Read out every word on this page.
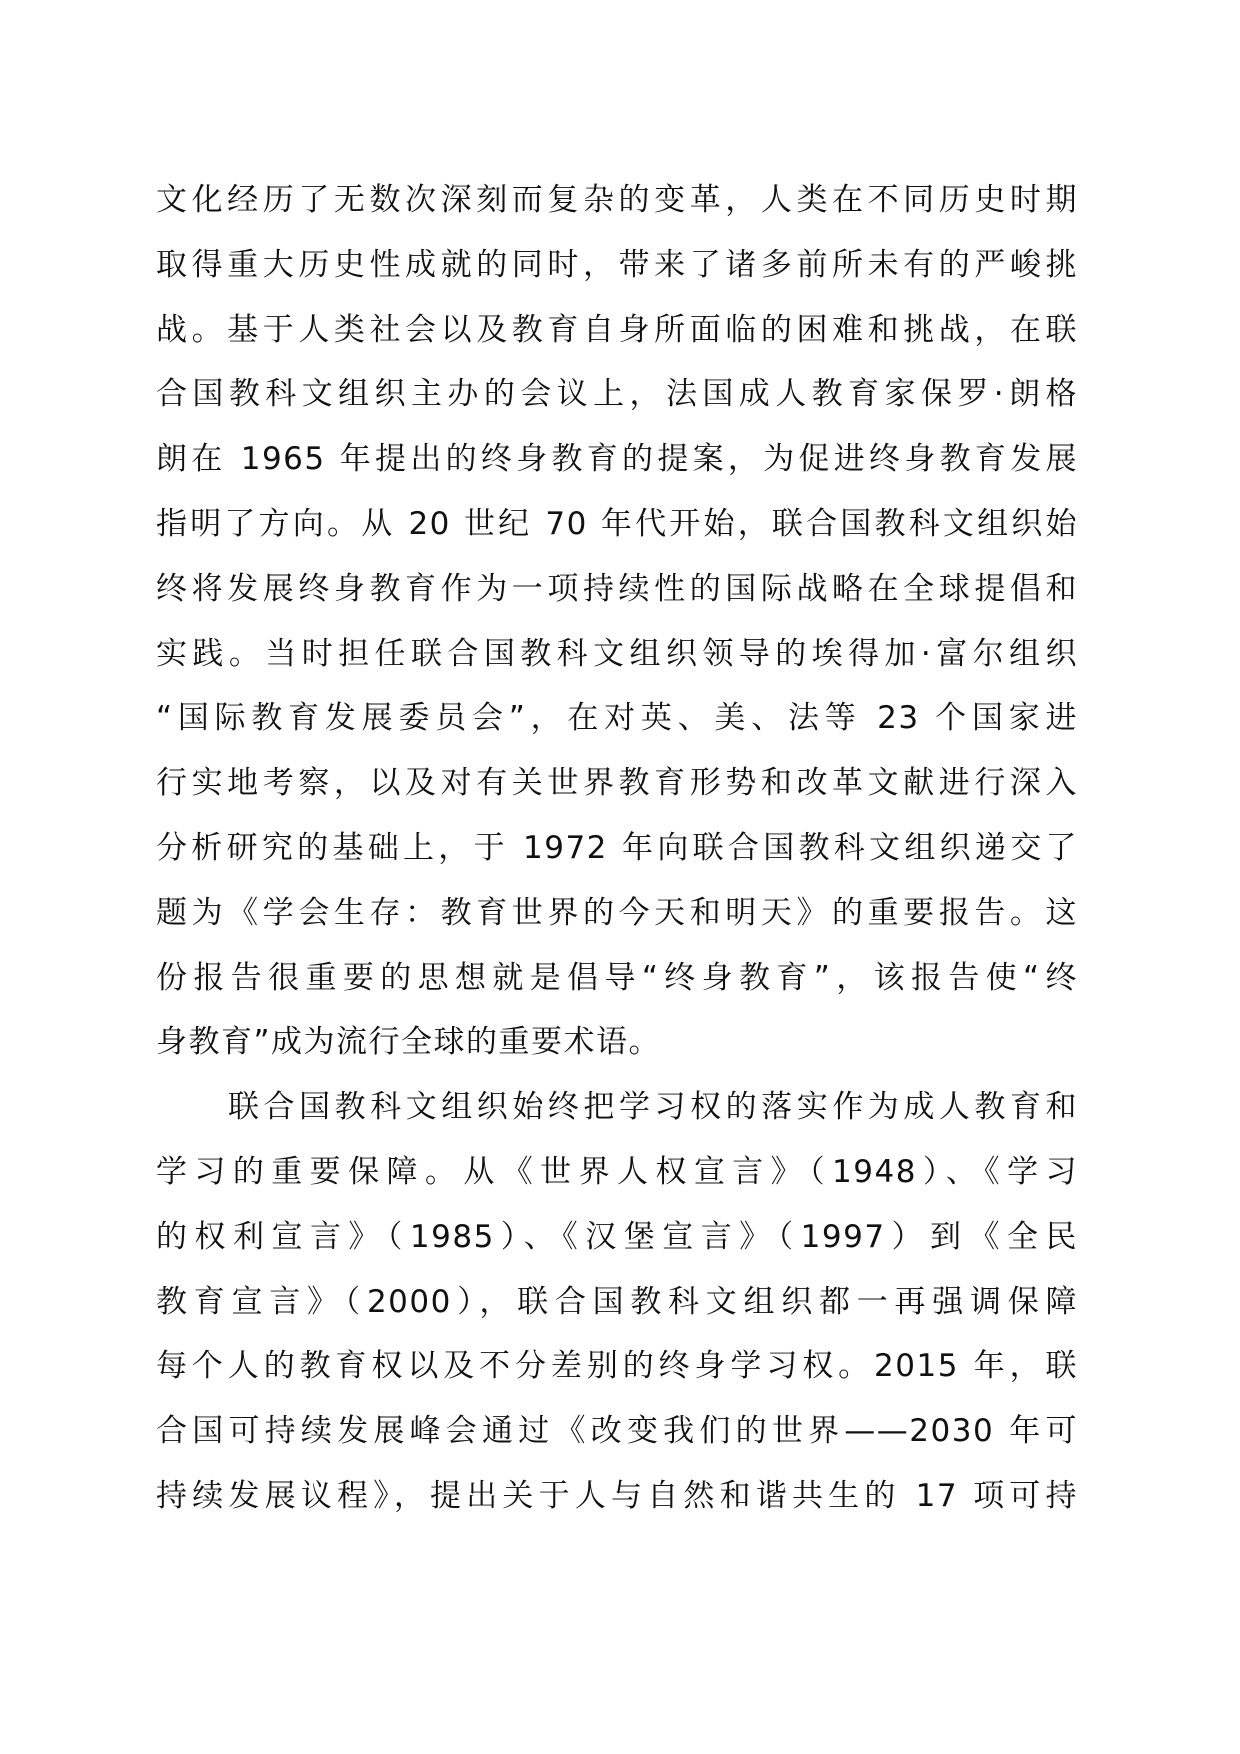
文化经历了无数次深刻而复杂的变革，人类在不同历史时期
取得重大历史性成就的同时，带来了诸多前所未有的严峻挑
战。基于人类社会以及教育自身所面临的困难和挑战，在联
合国教科文组织主办的会议上，法国成人教育家保罗·朗格
朗在 1965 年提出的终身教育的提案，为促进终身教育发展
指明了方向。从 20 世纪 70 年代开始，联合国教科文组织始
终将发展终身教育作为一项持续性的国际战略在全球提倡和
实践。当时担任联合国教科文组织领导的埃得加·富尔组织
“国际教育发展委员会”，在对英、美、法等 23 个国家进
行实地考察，以及对有关世界教育形势和改革文献进行深入
分析研究的基础上，于 1972 年向联合国教科文组织递交了
题为《学会生存：教育世界的今天和明天》的重要报告。这
份报告很重要的思想就是倡导“终身教育”，该报告使“终
身教育”成为流行全球的重要术语。
联合国教科文组织始终把学习权的落实作为成人教育和
学习的重要保障。从《世界人权宣言》（1948）、《学习
的权利宣言》（1985）、《汉堡宣言》（1997）到《全民
教育宣言》（2000），联合国教科文组织都一再强调保障
每个人的教育权以及不分差别的终身学习权。2015 年，联
合国可持续发展峰会通过《改变我们的世界——2030 年可
持续发展议程》，提出关于人与自然和谐共生的 17 项可持
